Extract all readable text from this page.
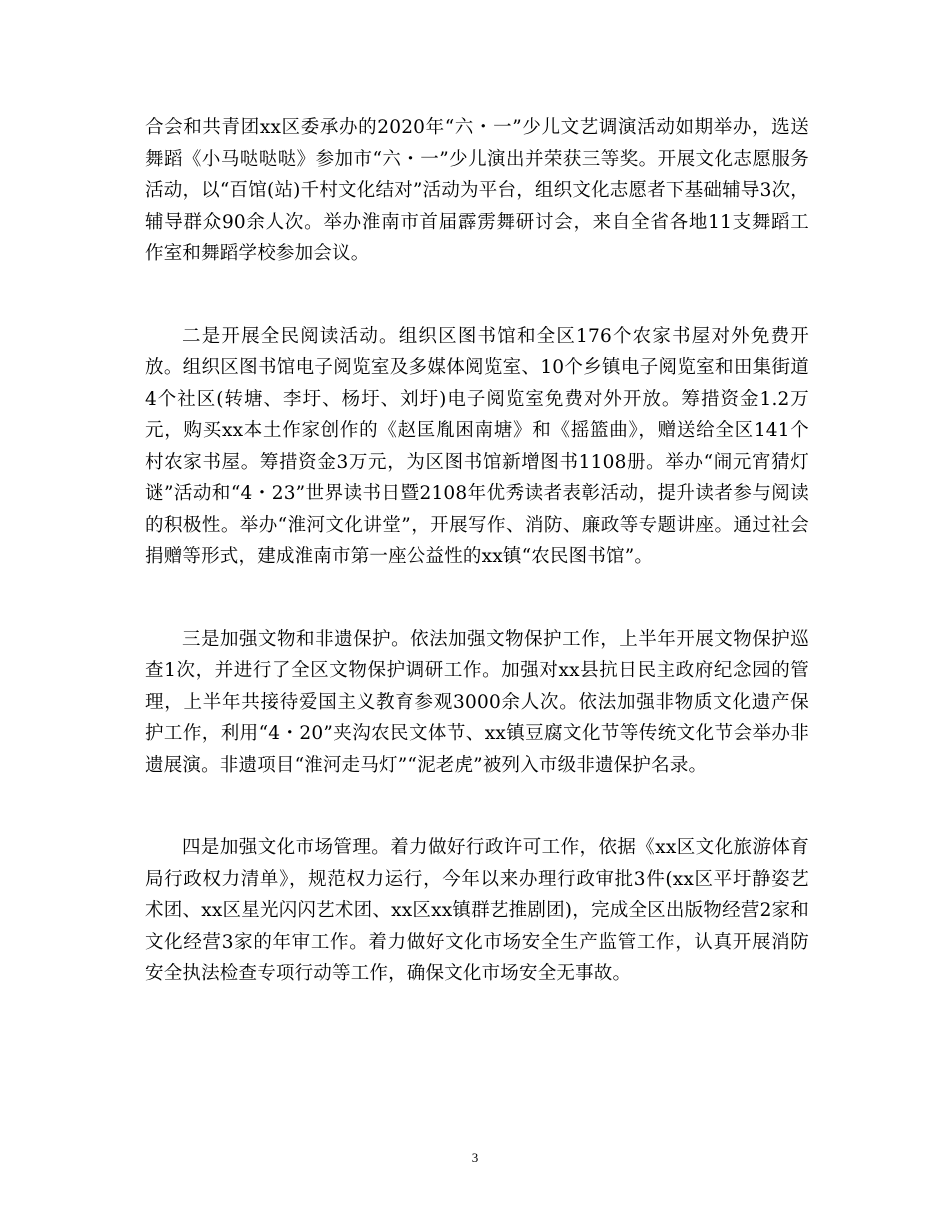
合会和共青团xx区委承办的2020年“六・一”少儿文艺调演活动如期举办，选送舞蹈《小马哒哒哒》参加市“六・一”少儿演出并荣获三等奖。开展文化志愿服务活动，以“百馆(站)千村文化结对”活动为平台，组织文化志愿者下基础辅导3次，辅导群众90余人次。举办淮南市首届霹雳舞研讨会，来自全省各地11支舞蹈工作室和舞蹈学校参加会议。

二是开展全民阅读活动。组织区图书馆和全区176个农家书屋对外免费开放。组织区图书馆电子阅览室及多媒体阅览室、10个乡镇电子阅览室和田集街道4个社区(转塘、李圩、杨圩、刘圩)电子阅览室免费对外开放。筹措资金1.2万元，购买xx本土作家创作的《赵匡胤困南塘》和《摇篮曲》，赠送给全区141个村农家书屋。筹措资金3万元，为区图书馆新增图书1108册。举办“闹元宵猜灯谜”活动和“4・23”世界读书日暨2108年优秀读者表彰活动，提升读者参与阅读的积极性。举办“淮河文化讲堂”，开展写作、消防、廉政等专题讲座。通过社会捐赠等形式，建成淮南市第一座公益性的xx镇“农民图书馆”。

三是加强文物和非遗保护。依法加强文物保护工作，上半年开展文物保护巡查1次，并进行了全区文物保护调研工作。加强对xx县抗日民主政府纪念园的管理，上半年共接待爱国主义教育参观3000余人次。依法加强非物质文化遗产保护工作，利用“4・20”夹沟农民文体节、xx镇豆腐文化节等传统文化节会举办非遗展演。非遗项目“淮河走马灯”“泥老虎”被列入市级非遗保护名录。

四是加强文化市场管理。着力做好行政许可工作，依据《xx区文化旅游体育局行政权力清单》，规范权力运行，今年以来办理行政审批3件(xx区平圩静姿艺术团、xx区星光闪闪艺术团、xx区xx镇群艺推剧团)，完成全区出版物经营2家和文化经营3家的年审工作。着力做好文化市场安全生产监管工作，认真开展消防安全执法检查专项行动等工作，确保文化市场安全无事故。

3
